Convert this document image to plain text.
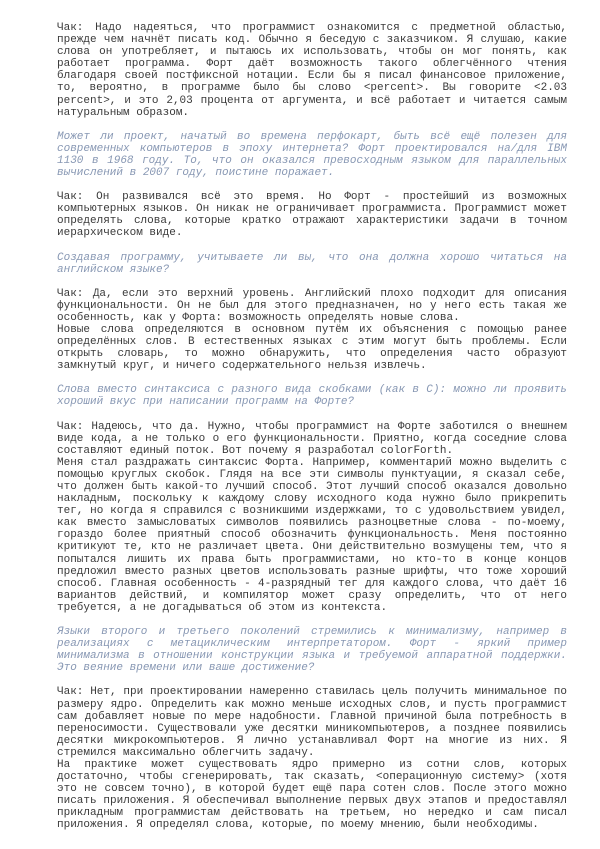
Чак: Надо надеяться, что программист ознакомится с предметной областью, прежде чем начнёт писать код. Обычно я беседую с заказчиком. Я слушаю, какие слова он употребляет, и пытаюсь их использовать, чтобы он мог понять, как работает программа. Форт даёт возможность такого облегчённого чтения благодаря своей постфиксной нотации. Если бы я писал финансовое приложение, то, вероятно, в программе было бы слово <percent>. Вы говорите <2.03 percent>, и это 2,03 процента от аргумента, и всё работает и читается самым натуральным образом.

Может ли проект, начатый во времена перфокарт, быть всё ещё полезен для современных компьютеров в эпоху интернета? Форт проектировался на/для IBM 1130 в 1968 году. То, что он оказался превосходным языком для параллельных вычислений в 2007 году, поистине поражает.

Чак: Он развивался всё это время. Но Форт - простейший из возможных компьютерных языков. Он никак не ограничивает программиста. Программист может определять слова, которые кратко отражают характеристики задачи в точном иерархическом виде.

Создавая программу, учитываете ли вы, что она должна хорошо читаться на английском языке?

Чак: Да, если это верхний уровень. Английский плохо подходит для описания функциональности. Он не был для этого предназначен, но у него есть такая же особенность, как у Форта: возможность определять новые слова.

Новые слова определяются в основном путём их объяснения с помощью ранее определённых слов. В естественных языках с этим могут быть проблемы. Если открыть словарь, то можно обнаружить, что определения часто образуют замкнутый круг, и ничего содержательного нельзя извлечь.

Слова вместо синтаксиса с разного вида скобками (как в C): можно ли проявить хороший вкус при написании программ на Форте?

Чак: Надеюсь, что да. Нужно, чтобы программист на Форте заботился о внешнем виде кода, а не только о его функциональности. Приятно, когда соседние слова составляют единый поток. Вот почему я разработал colorForth.

Меня стал раздражать синтаксис Форта. Например, комментарий можно выделить с помощью круглых скобок. Глядя на все эти символы пунктуации, я сказал себе, что должен быть какой-то лучший способ. Этот лучший способ оказался довольно накладным, поскольку к каждому слову исходного кода нужно было прикрепить тег, но когда я справился с возникшими издержками, то с удовольствием увидел, как вместо замысловатых символов появились разноцветные слова - по-моему, гораздо более приятный способ обозначить функциональность. Меня постоянно критикуют те, кто не различает цвета. Они действительно возмущены тем, что я попытался лишить их права быть программистами, но кто-то в конце концов предложил вместо разных цветов использовать разные шрифты, что тоже хороший способ. Главная особенность - 4-разрядный тег для каждого слова, что даёт 16 вариантов действий, и компилятор может сразу определить, что от него требуется, а не догадываться об этом из контекста.

Языки второго и третьего поколений стремились к минимализму, например в реализациях с метациклическим интерпретатором. Форт - яркий пример минимализма в отношении конструкции языка и требуемой аппаратной поддержки. Это веяние времени или ваше достижение?

Чак: Нет, при проектировании намеренно ставилась цель получить минимальное по размеру ядро. Определить как можно меньше исходных слов, и пусть программист сам добавляет новые по мере надобности. Главной причиной была потребность в переносимости. Существовали уже десятки миникомпьютеров, а позднее появились десятки микрокомпьютеров. Я лично устанавливал Форт на многие из них. Я стремился максимально облегчить задачу.

На практике может существовать ядро примерно из сотни слов, которых достаточно, чтобы сгенерировать, так сказать, <операционную систему> (хотя это не совсем точно), в которой будет ещё пара сотен слов. После этого можно писать приложения. Я обеспечивал выполнение первых двух этапов и предоставлял прикладным программистам действовать на третьем, но нередко и сам писал приложения. Я определял слова, которые, по моему мнению, были необходимы.
